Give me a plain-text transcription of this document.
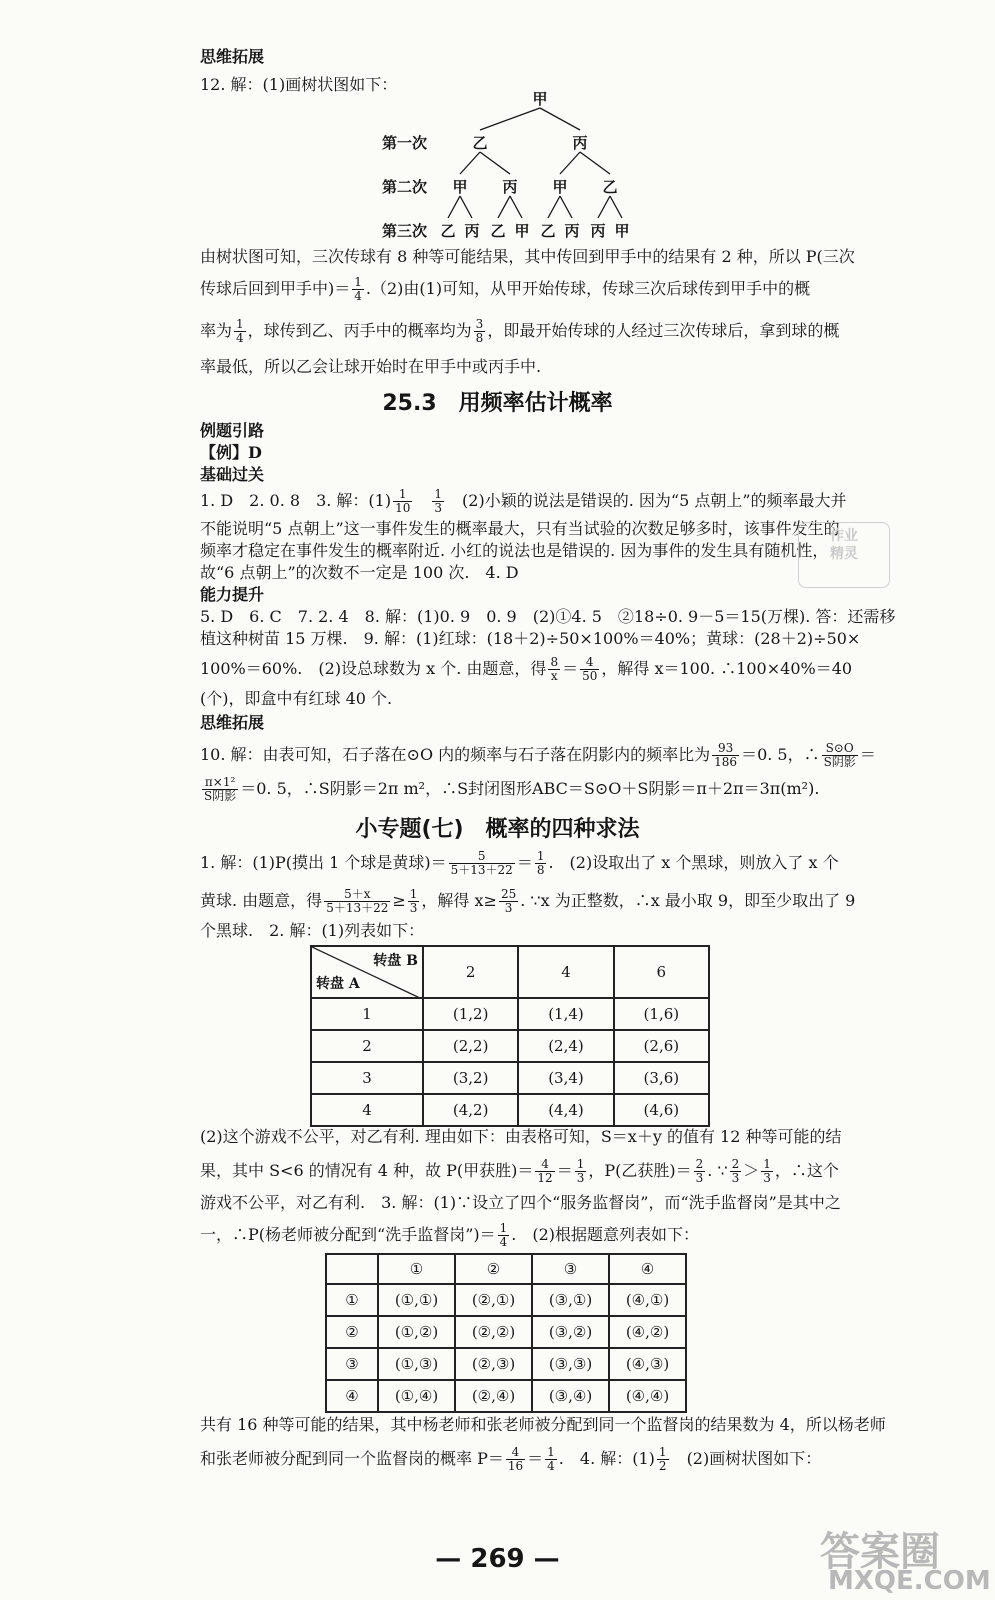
思维拓展
12. 解：(1)画树状图如下：
甲
第一次
第二次
第三次
乙	丙
甲 丙 甲 乙
乙 丙 乙 甲 乙 丙 丙 甲
由树状图可知，三次传球有 8 种等可能结果，其中传回到甲手中的结果有 2 种，所以 P(三次
传球后回到甲手中)＝ $\frac{1}{4} .(2)$由(1)可知，从甲开始传球，传球三次后球传到甲手中的概
率为 $\frac{1}{4}$ ，球传到乙、丙手中的概率均为 $\frac{3}{8}$ ，即最开始传球的人经过三次传球后，拿到球的概
率最低，所以乙会让球开始时在甲手中或丙手中.
25.3　用频率估计概率
例题引路
【例】D
基础过关
1. D　2. 0. 8　3. 解：$(1) \frac{1}{10}$
　 $\frac{1}{3}$
　 (2)小颖的说法是错误的. 因为“5 点朝上”的频率最大并
不能说明“5 点朝上”这一事件发生的概率最大，只有当试验的次数足够多时，该事件发生的
频率才稳定在事件发生的概率附近. 小红的说法也是错误的. 因为事件的发生具有随机性，
故“6 点朝上”的次数不一定是 100 次.　4. D
能力提升
5. D　6. C　7. 2. 4　8. 解：(1)0. 9　0. 9　(2)①4. 5　②18÷0. 9－5＝15(万棵). 答：还需移
植这种树苗 15 万棵.　9. 解：(1)红球：(18＋2)÷50×100%＝40%；黄球：(28＋2)÷50×
100%＝60%.　(2)设总球数为 x 个. 由题意，得 $\frac{8}{x} = \frac{4}{50}$ ，解得 x＝100. ∴100×40%＝40
(个)，即盒中有红球 40 个.
思维拓展
10. 解：由表可知，石子落在⊙O 内的频率与石子落在阴影内的频率比为 $\frac{93}{186} =0$. 5，∴ $\frac{S⊙O}{\text{S阴影}}$ ＝
$\frac{\text{π×1²}}{\text{S阴影}} =0$. 5，∴S阴影＝2π m²，∴S封闭图形ABC＝S⊙O＋S阴影＝π＋2π＝3π(m²).
小专题(七)　概率的四种求法
1. 解：(1)P(摸出 1 个球是黄球)＝ $\frac{5}{5+13+22} = \frac{1}{8}$ .　(2)设取出了 x 个黑球，则放入了 x 个
黄球. 由题意，得 $\frac{5+x}{5+13+22} \ge \frac{1}{3}$ ，解得 $x\ge \frac{25}{3}$ . ∵x 为正整数，∴x 最小取 9，即至少取出了 9
个黑球.　2. 解：(1)列表如下：
转盘 B
转盘 A	2	4	6
1	(1,2)	(1,4)	(1,6)
2	(2,2)	(2,4)	(2,6)
3	(3,2)	(3,4)	(3,6)
4	(4,2)	(4,4)	(4,6)
(2)这个游戏不公平，对乙有利. 理由如下：由表格可知，S＝x＋y 的值有 12 种等可能的结
果，其中 S<6 的情况有 4 种，故 P(甲获胜)＝ $\frac{4}{12} = \frac{1}{3}$ ，P(乙获胜)＝ $\frac{2}{3}$ . ∵ $\frac{2}{3} > \frac{1}{3}$ ，∴这个
游戏不公平，对乙有利.　3. 解：(1)∵设立了四个“服务监督岗”，而“洗手监督岗”是其中之
一，∴P(杨老师被分配到“洗手监督岗”)＝ $\frac{1}{4}$ .　(2)根据题意列表如下：
	①	②	③	④
①	(①,①)	(②,①)	(③,①)	(④,①)
②	(①,②)	(②,②)	(③,②)	(④,②)
③	(①,③)	(②,③)	(③,③)	(④,③)
④	(①,④)	(②,④)	(③,④)	(④,④)
共有 16 种等可能的结果，其中杨老师和张老师被分配到同一个监督岗的结果数为 4，所以杨老师
和张老师被分配到同一个监督岗的概率 $P= \frac{4}{16} = \frac{1}{4}$ .　4. 解：$(1) \frac{1}{2}$
　 (2)画树状图如下：
作业
精灵
答案圈
MXQE.COM
— 269 —
